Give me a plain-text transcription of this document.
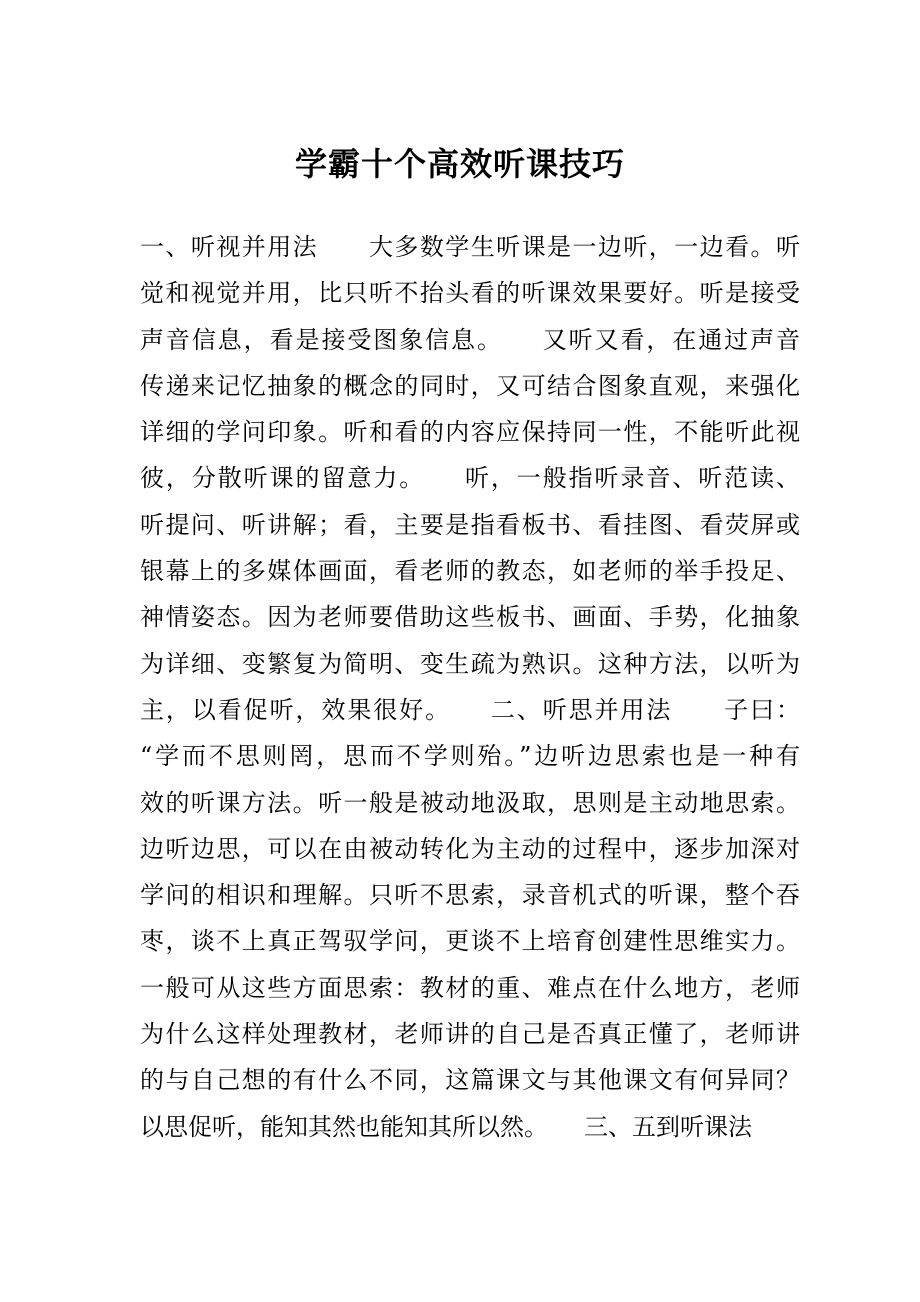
学霸十个高效听课技巧
一、听视并用法　　大多数学生听课是一边听，一边看。听
觉和视觉并用，比只听不抬头看的听课效果要好。听是接受
声音信息，看是接受图象信息。　　又听又看，在通过声音
传递来记忆抽象的概念的同时，又可结合图象直观，来强化
详细的学问印象。听和看的内容应保持同一性，不能听此视
彼，分散听课的留意力。　　听，一般指听录音、听范读、
听提问、听讲解；看，主要是指看板书、看挂图、看荧屏或
银幕上的多媒体画面，看老师的教态，如老师的举手投足、
神情姿态。因为老师要借助这些板书、画面、手势，化抽象
为详细、变繁复为简明、变生疏为熟识。这种方法，以听为
主，以看促听，效果很好。　　二、听思并用法　　子曰：
“学而不思则罔，思而不学则殆。”边听边思索也是一种有
效的听课方法。听一般是被动地汲取，思则是主动地思索。
边听边思，可以在由被动转化为主动的过程中，逐步加深对
学问的相识和理解。只听不思索，录音机式的听课，整个吞
枣，谈不上真正驾驭学问，更谈不上培育创建性思维实力。
一般可从这些方面思索：教材的重、难点在什么地方，老师
为什么这样处理教材，老师讲的自己是否真正懂了，老师讲
的与自己想的有什么不同，这篇课文与其他课文有何异同？
以思促听，能知其然也能知其所以然。　　三、五到听课法
